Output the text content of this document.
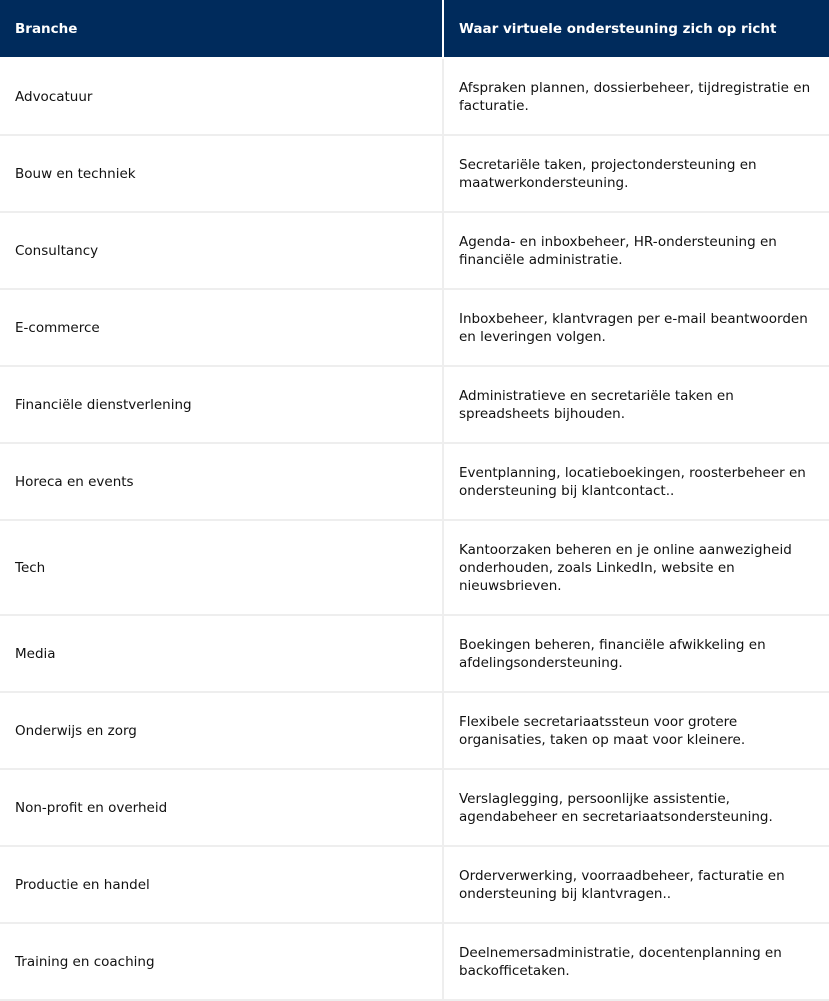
Branche	Waar virtuele ondersteuning zich op richt
Advocatuur	Afspraken plannen, dossierbeheer, tijdregistratie en facturatie.
Bouw en techniek	Secretariële taken, projectondersteuning en maatwerkondersteuning.
Consultancy	Agenda- en inboxbeheer, HR-ondersteuning en financiële administratie.
E-commerce	Inboxbeheer, klantvragen per e-mail beantwoorden en leveringen volgen.
Financiële dienstverlening	Administratieve en secretariële taken en spreadsheets bijhouden.
Horeca en events	Eventplanning, locatieboekingen, roosterbeheer en ondersteuning bij klantcontact..
Tech	Kantoorzaken beheren en je online aanwezigheid onderhouden, zoals LinkedIn, website en nieuwsbrieven.
Media	Boekingen beheren, financiële afwikkeling en afdelingsondersteuning.
Onderwijs en zorg	Flexibele secretariaatssteun voor grotere organisaties, taken op maat voor kleinere.
Non-profit en overheid	Verslaglegging, persoonlijke assistentie, agendabeheer en secretariaatsondersteuning.
Productie en handel	Orderverwerking, voorraadbeheer, facturatie en ondersteuning bij klantvragen..
Training en coaching	Deelnemersadministratie, docentenplanning en backofficetaken.
